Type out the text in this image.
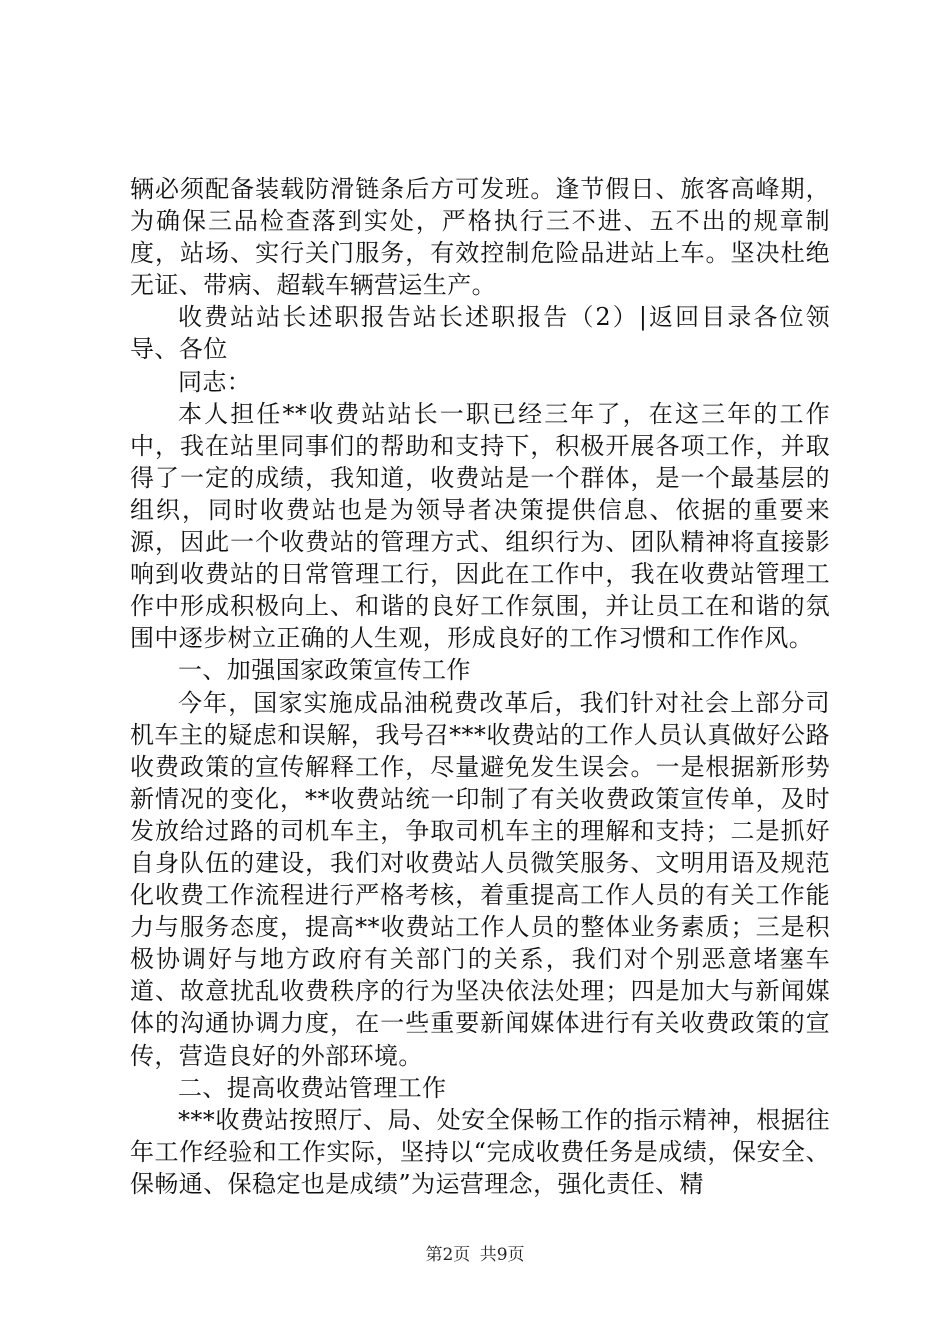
辆必须配备装载防滑链条后方可发班。逢节假日、旅客高峰期，为确保三品检查落到实处，严格执行三不进、五不出的规章制度，站场、实行关门服务，有效控制危险品进站上车。坚决杜绝无证、带病、超载车辆营运生产。

收费站站长述职报告站长述职报告（2）|返回目录各位领导、各位

同志：

本人担任**收费站站长一职已经三年了，在这三年的工作中，我在站里同事们的帮助和支持下，积极开展各项工作，并取得了一定的成绩，我知道，收费站是一个群体，是一个最基层的组织，同时收费站也是为领导者决策提供信息、依据的重要来源，因此一个收费站的管理方式、组织行为、团队精神将直接影响到收费站的日常管理工行，因此在工作中，我在收费站管理工作中形成积极向上、和谐的良好工作氛围，并让员工在和谐的氛围中逐步树立正确的人生观，形成良好的工作习惯和工作作风。

一、加强国家政策宣传工作

今年，国家实施成品油税费改革后，我们针对社会上部分司机车主的疑虑和误解，我号召***收费站的工作人员认真做好公路收费政策的宣传解释工作，尽量避免发生误会。一是根据新形势新情况的变化，**收费站统一印制了有关收费政策宣传单，及时发放给过路的司机车主，争取司机车主的理解和支持；二是抓好自身队伍的建设，我们对收费站人员微笑服务、文明用语及规范化收费工作流程进行严格考核，着重提高工作人员的有关工作能力与服务态度，提高**收费站工作人员的整体业务素质；三是积极协调好与地方政府有关部门的关系，我们对个别恶意堵塞车道、故意扰乱收费秩序的行为坚决依法处理；四是加大与新闻媒体的沟通协调力度，在一些重要新闻媒体进行有关收费政策的宣传，营造良好的外部环境。

二、提高收费站管理工作

***收费站按照厅、局、处安全保畅工作的指示精神，根据往年工作经验和工作实际，坚持以“完成收费任务是成绩，保安全、保畅通、保稳定也是成绩”为运营理念，强化责任、精

第2页 共9页
